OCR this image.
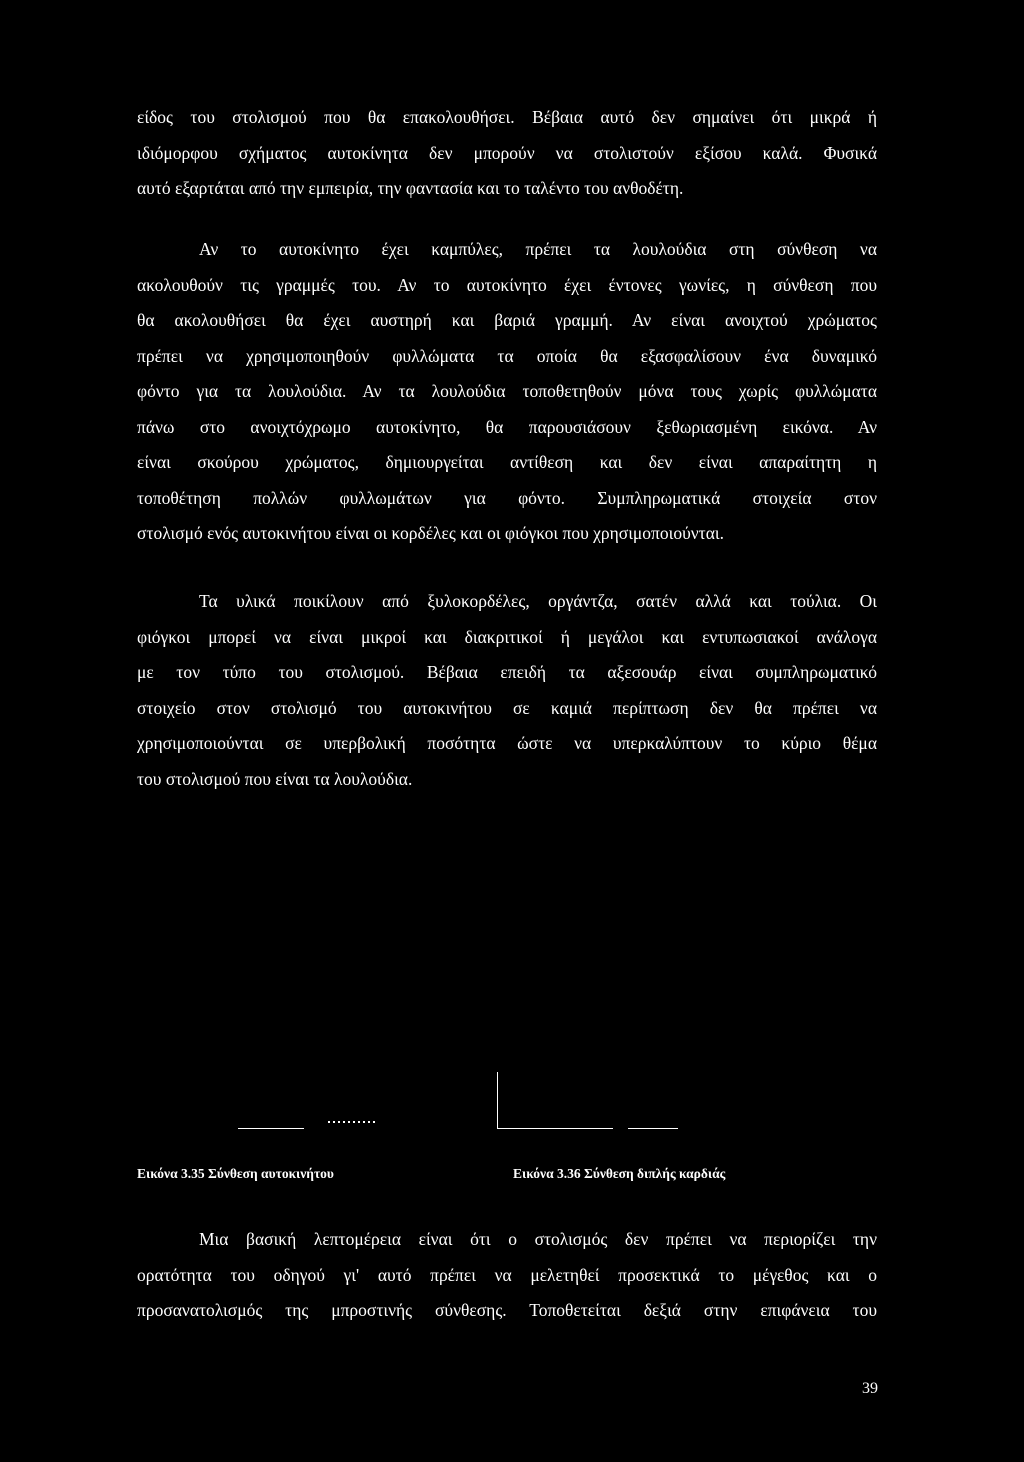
είδος του στολισμού που θα επακολουθήσει. Βέβαια αυτό δεν σημαίνει ότι μικρά ή
ιδιόμορφου σχήματος αυτοκίνητα δεν μπορούν να στολιστούν εξίσου καλά. Φυσικά
αυτό εξαρτάται από την εμπειρία, την φαντασία και το ταλέντο του ανθοδέτη.
Αν το αυτοκίνητο έχει καμπύλες, πρέπει τα λουλούδια στη σύνθεση να
ακολουθούν τις γραμμές του. Αν το αυτοκίνητο έχει έντονες γωνίες, η σύνθεση που
θα ακολουθήσει θα έχει αυστηρή και βαριά γραμμή. Αν είναι ανοιχτού χρώματος
πρέπει να χρησιμοποιηθούν φυλλώματα τα οποία θα εξασφαλίσουν ένα δυναμικό
φόντο για τα λουλούδια. Αν τα λουλούδια τοποθετηθούν μόνα τους χωρίς φυλλώματα
πάνω στο ανοιχτόχρωμο αυτοκίνητο, θα παρουσιάσουν ξεθωριασμένη εικόνα. Αν
είναι σκούρου χρώματος, δημιουργείται αντίθεση και δεν είναι απαραίτητη η
τοποθέτηση πολλών φυλλωμάτων για φόντο. Συμπληρωματικά στοιχεία στον
στολισμό ενός αυτοκινήτου είναι οι κορδέλες και οι φιόγκοι που χρησιμοποιούνται.
Τα υλικά ποικίλουν από ξυλοκορδέλες, οργάντζα, σατέν αλλά και τούλια. Οι
φιόγκοι μπορεί να είναι μικροί και διακριτικοί ή μεγάλοι και εντυπωσιακοί ανάλογα
με τον τύπο του στολισμού. Βέβαια επειδή τα αξεσουάρ είναι συμπληρωματικό
στοιχείο στον στολισμό του αυτοκινήτου σε καμιά περίπτωση δεν θα πρέπει να
χρησιμοποιούνται σε υπερβολική ποσότητα ώστε να υπερκαλύπτουν το κύριο θέμα
του στολισμού που είναι τα λουλούδια.
Εικόνα 3.35 Σύνθεση αυτοκινήτου	Εικόνα 3.36 Σύνθεση διπλής καρδιάς
Μια βασική λεπτομέρεια είναι ότι ο στολισμός δεν πρέπει να περιορίζει την
ορατότητα του οδηγού γι' αυτό πρέπει να μελετηθεί προσεκτικά το μέγεθος και ο
προσανατολισμός της μπροστινής σύνθεσης. Τοποθετείται δεξιά στην επιφάνεια του
39
